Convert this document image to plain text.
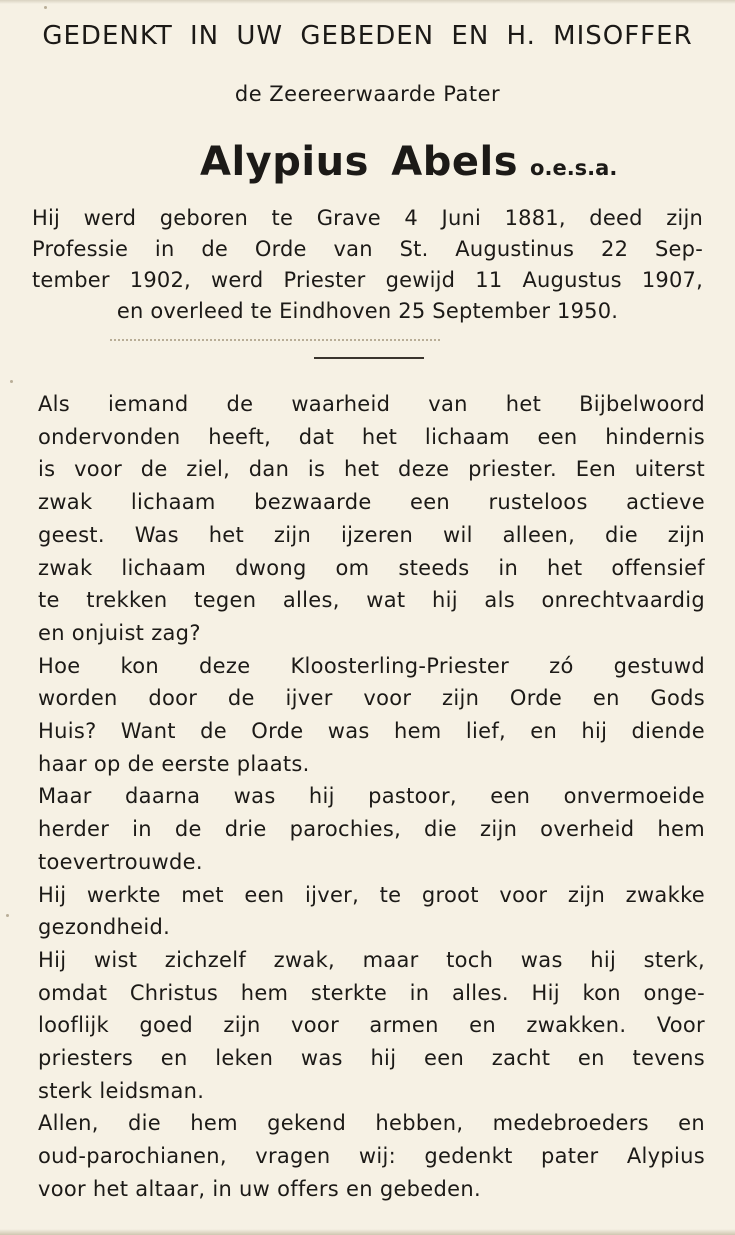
GEDENKT IN UW GEBEDEN EN H. MISOFFER
de Zeereerwaarde Pater
Alypius Abels o.e.s.a.
Hij werd geboren te Grave 4 Juni 1881, deed zijn
Professie in de Orde van St. Augustinus 22 Sep-
tember 1902, werd Priester gewijd 11 Augustus 1907,
en overleed te Eindhoven 25 September 1950.
Als iemand de waarheid van het Bijbelwoord
ondervonden heeft, dat het lichaam een hindernis
is voor de ziel, dan is het deze priester. Een uiterst
zwak lichaam bezwaarde een rusteloos actieve
geest. Was het zijn ijzeren wil alleen, die zijn
zwak lichaam dwong om steeds in het offensief
te trekken tegen alles, wat hij als onrechtvaardig
en onjuist zag?
Hoe kon deze Kloosterling-Priester zó gestuwd
worden door de ijver voor zijn Orde en Gods
Huis? Want de Orde was hem lief, en hij diende
haar op de eerste plaats.
Maar daarna was hij pastoor, een onvermoeide
herder in de drie parochies, die zijn overheid hem
toevertrouwde.
Hij werkte met een ijver, te groot voor zijn zwakke
gezondheid.
Hij wist zichzelf zwak, maar toch was hij sterk,
omdat Christus hem sterkte in alles. Hij kon onge-
looflijk goed zijn voor armen en zwakken. Voor
priesters en leken was hij een zacht en tevens
sterk leidsman.
Allen, die hem gekend hebben, medebroeders en
oud-parochianen, vragen wij: gedenkt pater Alypius
voor het altaar, in uw offers en gebeden.
